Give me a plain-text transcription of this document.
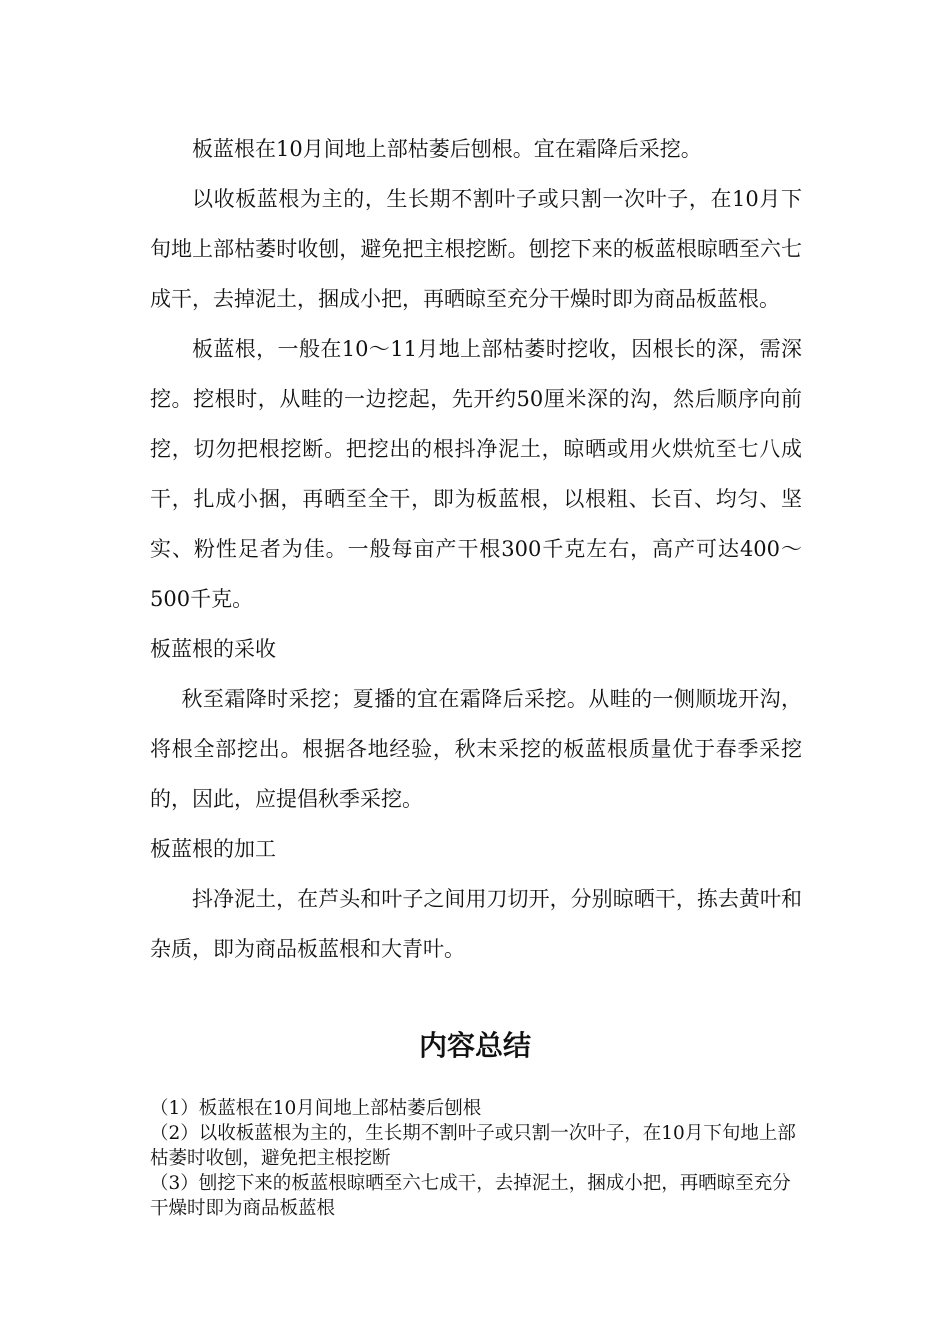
板蓝根在10月间地上部枯萎后刨根。宜在霜降后采挖。

以收板蓝根为主的，生长期不割叶子或只割一次叶子，在10月下旬地上部枯萎时收刨，避免把主根挖断。刨挖下来的板蓝根晾晒至六七成干，去掉泥土，捆成小把，再晒晾至充分干燥时即为商品板蓝根。

板蓝根，一般在10～11月地上部枯萎时挖收，因根长的深，需深挖。挖根时，从畦的一边挖起，先开约50厘米深的沟，然后顺序向前挖，切勿把根挖断。把挖出的根抖净泥土，晾晒或用火烘炕至七八成干，扎成小捆，再晒至全干，即为板蓝根，以根粗、长百、均匀、坚实、粉性足者为佳。一般每亩产干根300千克左右，高产可达400～500千克。

板蓝根的采收

秋至霜降时采挖；夏播的宜在霜降后采挖。从畦的一侧顺垅开沟，将根全部挖出。根据各地经验，秋末采挖的板蓝根质量优于春季采挖的，因此，应提倡秋季采挖。

板蓝根的加工

抖净泥土，在芦头和叶子之间用刀切开，分别晾晒干，拣去黄叶和杂质，即为商品板蓝根和大青叶。

内容总结

（1）板蓝根在10月间地上部枯萎后刨根

（2）以收板蓝根为主的，生长期不割叶子或只割一次叶子，在10月下旬地上部枯萎时收刨，避免把主根挖断

（3）刨挖下来的板蓝根晾晒至六七成干，去掉泥土，捆成小把，再晒晾至充分干燥时即为商品板蓝根
